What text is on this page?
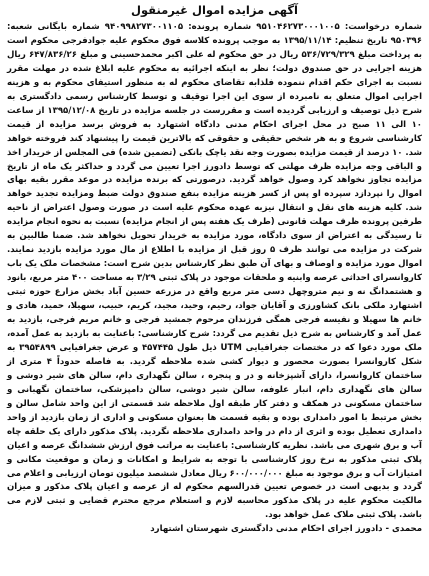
آگهی مزایده اموال غیرمنقول

شماره درخواست: ۹۵۱۰۴۶۲۷۳۰۰۰۱۰۰۵ شماره پرونده: ۹۴۰۹۹۸۲۷۳۰۰۱۱۰۵ شماره بایگانی شعبه: ۹۵۰۳۹۶ تاریخ تنظیم: ۱۳۹۵/۱۱/۱۴ به موجب پرونده کلاسه فوق محکوم علیه جوادفرجی محکوم است به پرداخت مبلغ ۵۳۶/۷۲۹/۳۲۹ ریال در حق محکوم له علی اکبر محمدحسینی و مبلغ ۶۴۷/۸۳۶/۲۶ ریال هزینه اجرایی در حق صندوق دولت؛ نظر به اینکه اجرائیه به محکوم علیه ابلاغ شده در مهلت مقرر نسبت به اجرای حکم اقدام ننموده فلذابه تقاضای محکوم له به منظور استیفای محکوم به و هزینه اجرایی اموال متعلق به نامبرده از سوی این اجرا توقیف و توسط کارشناس رسمی دادگستری به شرح ذیل توصیف و ارزیابی گردیده است و مقررست در جلسه مزایده در تاریخ ۱۳۹۵/۱۲/۰۸ از ساعت ۱۰ الی ۱۱ صبح در محل اجرای احکام مدنی دادگاه اشتهارد به فروش برسد مزایده از قیمت کارشناسی شروع و به هر شخص حقیقی و حقوقی که بالاترین قیمت را پیشنهاد کند فروخته خواهد شد. ۱۰ درصد از قیمت مزایده بصورت وجه نقد یاچک بانکی (تضمین شده) فی المجلس از خریدار اخذ و الباقی وجه مزایده ظرف مهلتی که توسط دادورز اجرا تعیین می گردد و حداکثر یک ماه از تاریخ مزایده تجاوز نخواهد کرد وصول خواهد گردید. درصورتی که برنده مزایده در موعد مقرر بقیه بهای اموال را نپردازد سپرده او پس از کسر هزینه مزایده بنفع صندوق دولت ضبط ومزایده تجدید خواهد شد. کلیه هزینه های نقل و انتقال نیزبه عهده محکوم علیه است در صورت وصول اعتراض از ناحیه طرفین پرونده ظرف مهلت قانونی (طرف یک هفته پس از انجام مزایده) نسبت به نحوه انجام مزایده تا رسیدگی به اعتراض از سوی دادگاه، مورد مزایده به خریدار تحویل نخواهد شد. ضمنا طالبین به شرکت در مزایده می توانند ظرف ۵ روز قبل از مزایده با اطلاع از مال مورد مزایده بازدید نمایند. اموال مورد مزایده و اوصاف و بهای آن طبق نظر کارشناس بدین شرح است: مشخصات ملک یک باب کاروانسرای احداثی عرصه وابنیه و ملحقات موجود در پلاک ثبتی ۳/۲۹ به مساحت ۴۰۰ متر مربع، بانود و هشتمدانگ نه و نیم متروچهل دسی متر مربع واقع در مزرعه حسین آباد بخش مزارع حوزه ثبتی اشتهارد ملکی بانک کشاورزی و آقایان جواد، رحیم، وحید، مجید، کریم، حبیب، سهیلا، حمید، هادی و خانم ها سهیلا و نفیسه فرجی همگی فرزندان مرحوم جمشید فرجی و خانم مریم فرجی، بازدید به عمل آمد و کارشناس به شرح ذیل تقدیم می گردد: شرح کارشناسی: باعنایت به بازدید به عمل آمده، ملک مورد دعوا که در مختصات جغرافیایی UTM ذیل طول ۴۵۷۴۴۵ و عرض جغرافیایی ۳۹۵۴۸۹۹ به شکل کاروانسرا بصورت محصور و دیوار کشی شده ملاحظه گردید. به فاصله حدوداً ۴ متری از ساختمان کاروانسرا، دارای آشپزخانه و در و پنجره ، سالن نگهداری دام، سالن های شیر دوشی و سالن های نگهداری دام، انبار علوفه، سالن شیر دوشی، سالن دامپزشکی، ساختمان نگهبانی و ساختمان مسکونی در همکف و دفتر کار طبقه اول ملاحظه شد قسمتی از این واحد شامل سالن و بخش مرتبط با امور دامداری بوده و بقیه قسمت ها بعنوان مسکونی و اداری از زمان بازدید از واحد دامداری تعطیل بوده و اثری از دام در واحد دامداری ملاحظه نگردید. پلاک مذکور دارای یک حلقه چاه آب و برق شهری می باشد. نظریه کارشناسی: باعنایت به مراتب فوق ارزش ششدانگ عرصه و اعیان پلاک ثبتی مذکور به نرخ روز کارشناسی با توجه به شرایط و امکانات و زمان و موقعیت مکانی و امتیازات آب و برق موجود به مبلغ ۶۰۰/۰۰۰/۰۰۰ ریال معادل ششصد میلیون تومان ارزیابی و اعلام می گردد و بدیهی است در خصوص تعیین قدرالسهم محکوم له از عرصه و اعیان پلاک مذکور و میزان مالکیت محکوم علیه در پلاک مذکور محاسبه لازم و استعلام مرجع محترم قضایی و ثبتی لازم می باشد. پلاک ثبتی ملاک عمل خواهد بود.

محمدی - دادورز اجرای احکام مدنی دادگستری شهرستان اشتهارد
